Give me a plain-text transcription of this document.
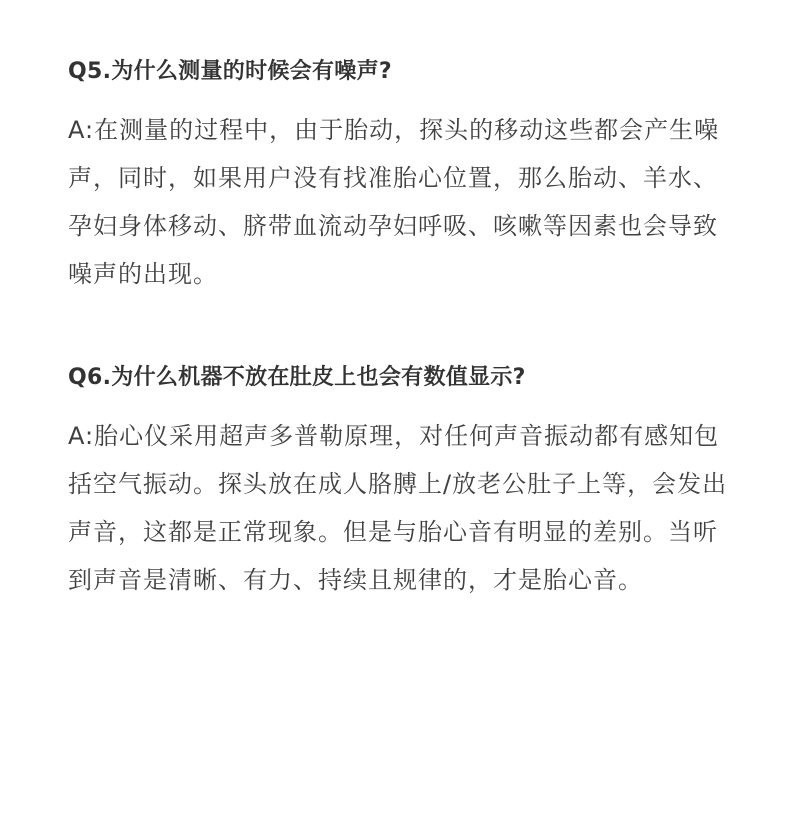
Q5.为什么测量的时候会有噪声?
A:在测量的过程中，由于胎动，探头的移动这些都会产生噪声，同时，如果用户没有找准胎心位置，那么胎动、羊水、孕妇身体移动、脐带血流动孕妇呼吸、咳嗽等因素也会导致噪声的出现。
Q6.为什么机器不放在肚皮上也会有数值显示?
A:胎心仪采用超声多普勒原理，对任何声音振动都有感知包括空气振动。探头放在成人胳膊上/放老公肚子上等，会发出声音，这都是正常现象。但是与胎心音有明显的差别。当听到声音是清晰、有力、持续且规律的，才是胎心音。
